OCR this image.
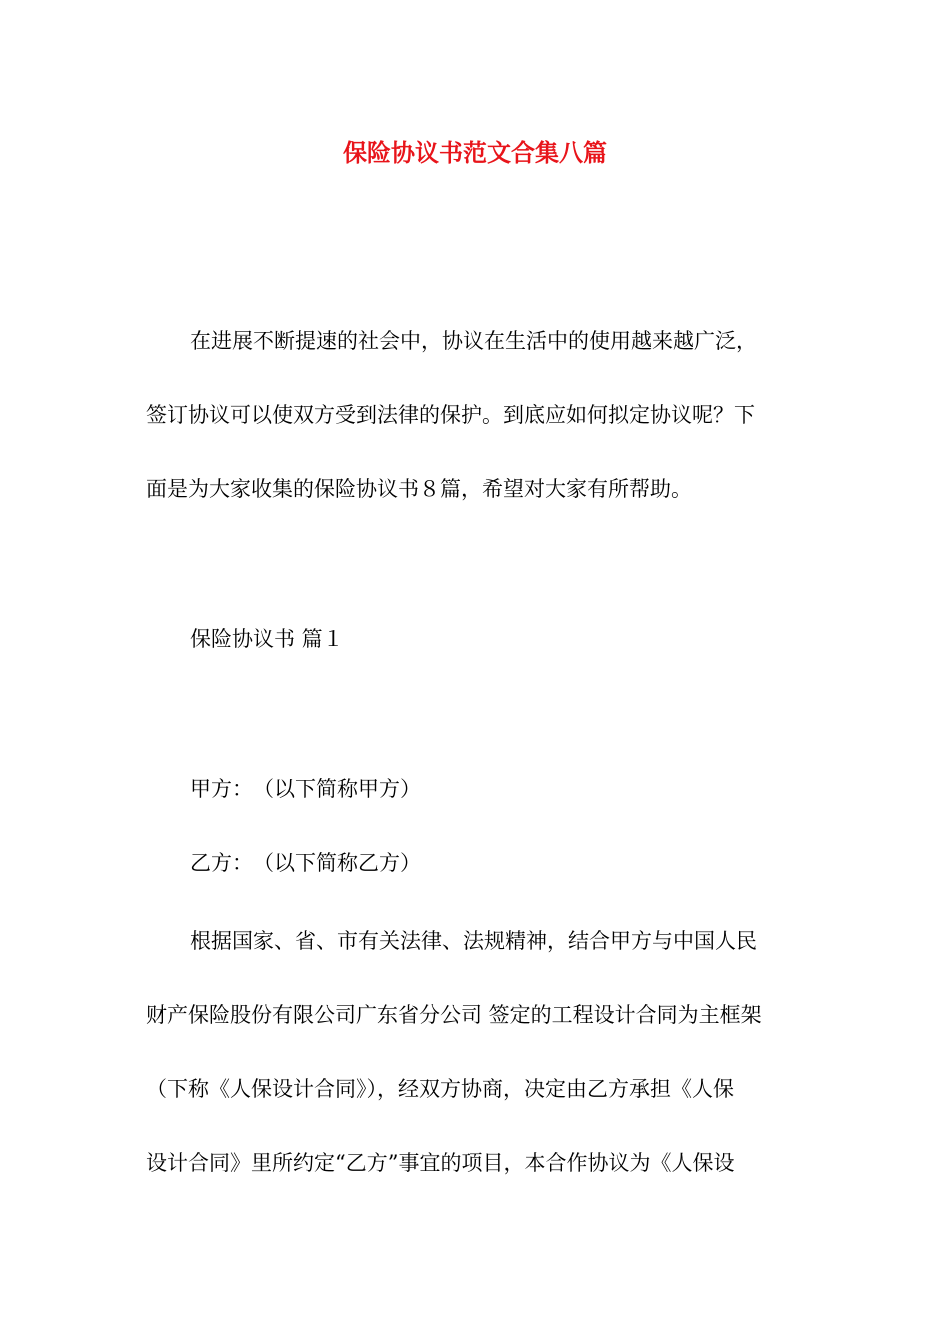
保险协议书范文合集八篇
在进展不断提速的社会中，协议在生活中的使用越来越广泛，
签订协议可以使双方受到法律的保护。到底应如何拟定协议呢？下
面是为大家收集的保险协议书８篇，希望对大家有所帮助。

保险协议书 篇１

甲方：　（以下简称甲方）

乙方：　（以下简称乙方）

根据国家、省、市有关法律、法规精神，结合甲方与中国人民
财产保险股份有限公司广东省分公司 签定的工程设计合同为主框架
（下称《人保设计合同》），经双方协商，决定由乙方承担《人保
设计合同》里所约定“乙方”事宜的项目，本合作协议为《人保设
